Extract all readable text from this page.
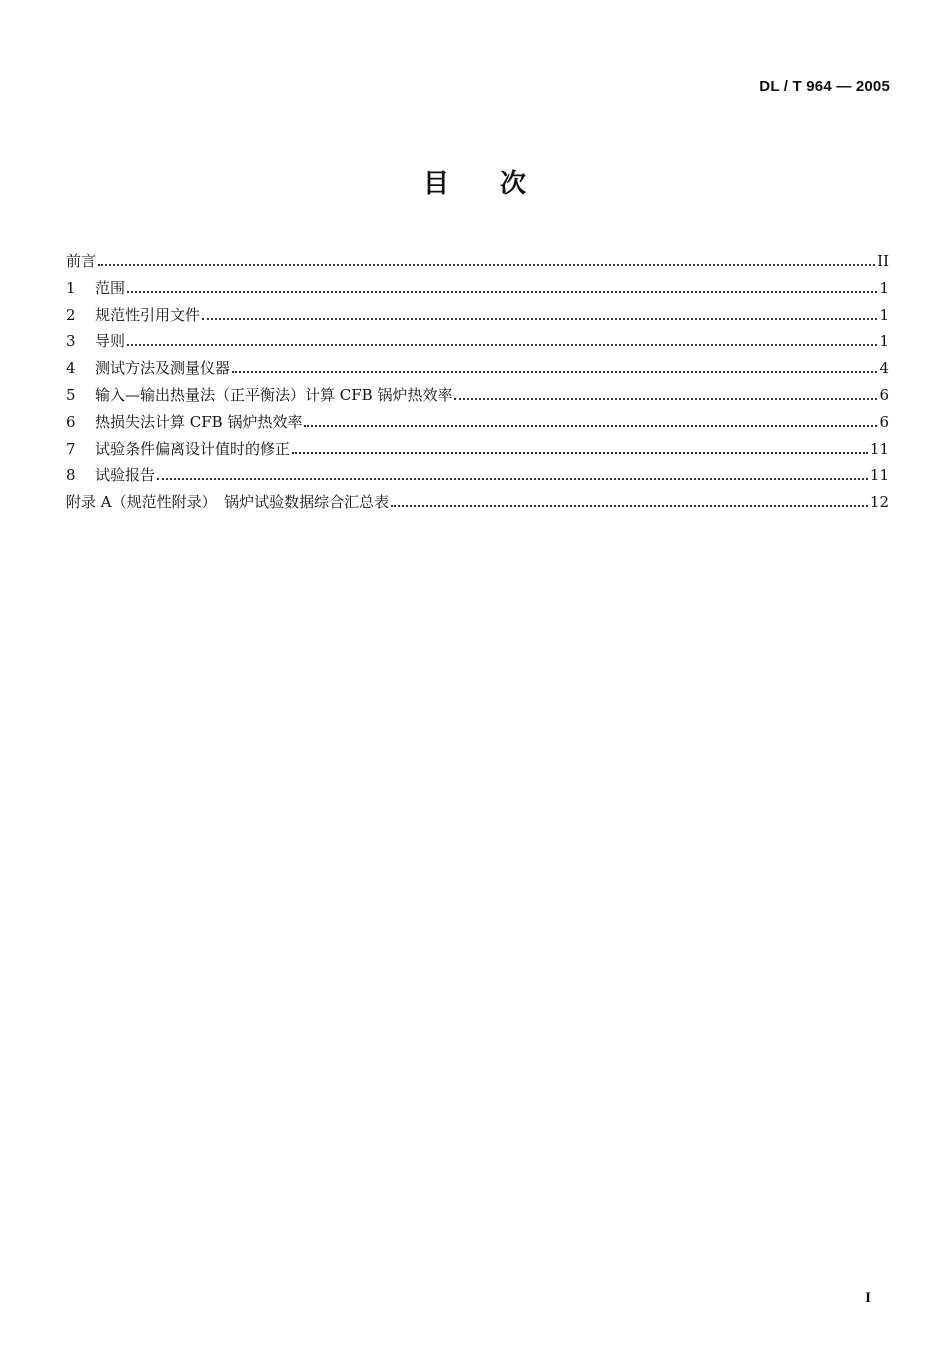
DL / T 964 — 2005
目 次
前言	II
1	范围	1
2	规范性引用文件	1
3	导则	1
4	测试方法及测量仪器	4
5	输入—输出热量法（正平衡法）计算 CFB 锅炉热效率	6
6	热损失法计算 CFB 锅炉热效率	6
7	试验条件偏离设计值时的修正	11
8	试验报告	11
附录 A（规范性附录）　锅炉试验数据综合汇总表	12
I
